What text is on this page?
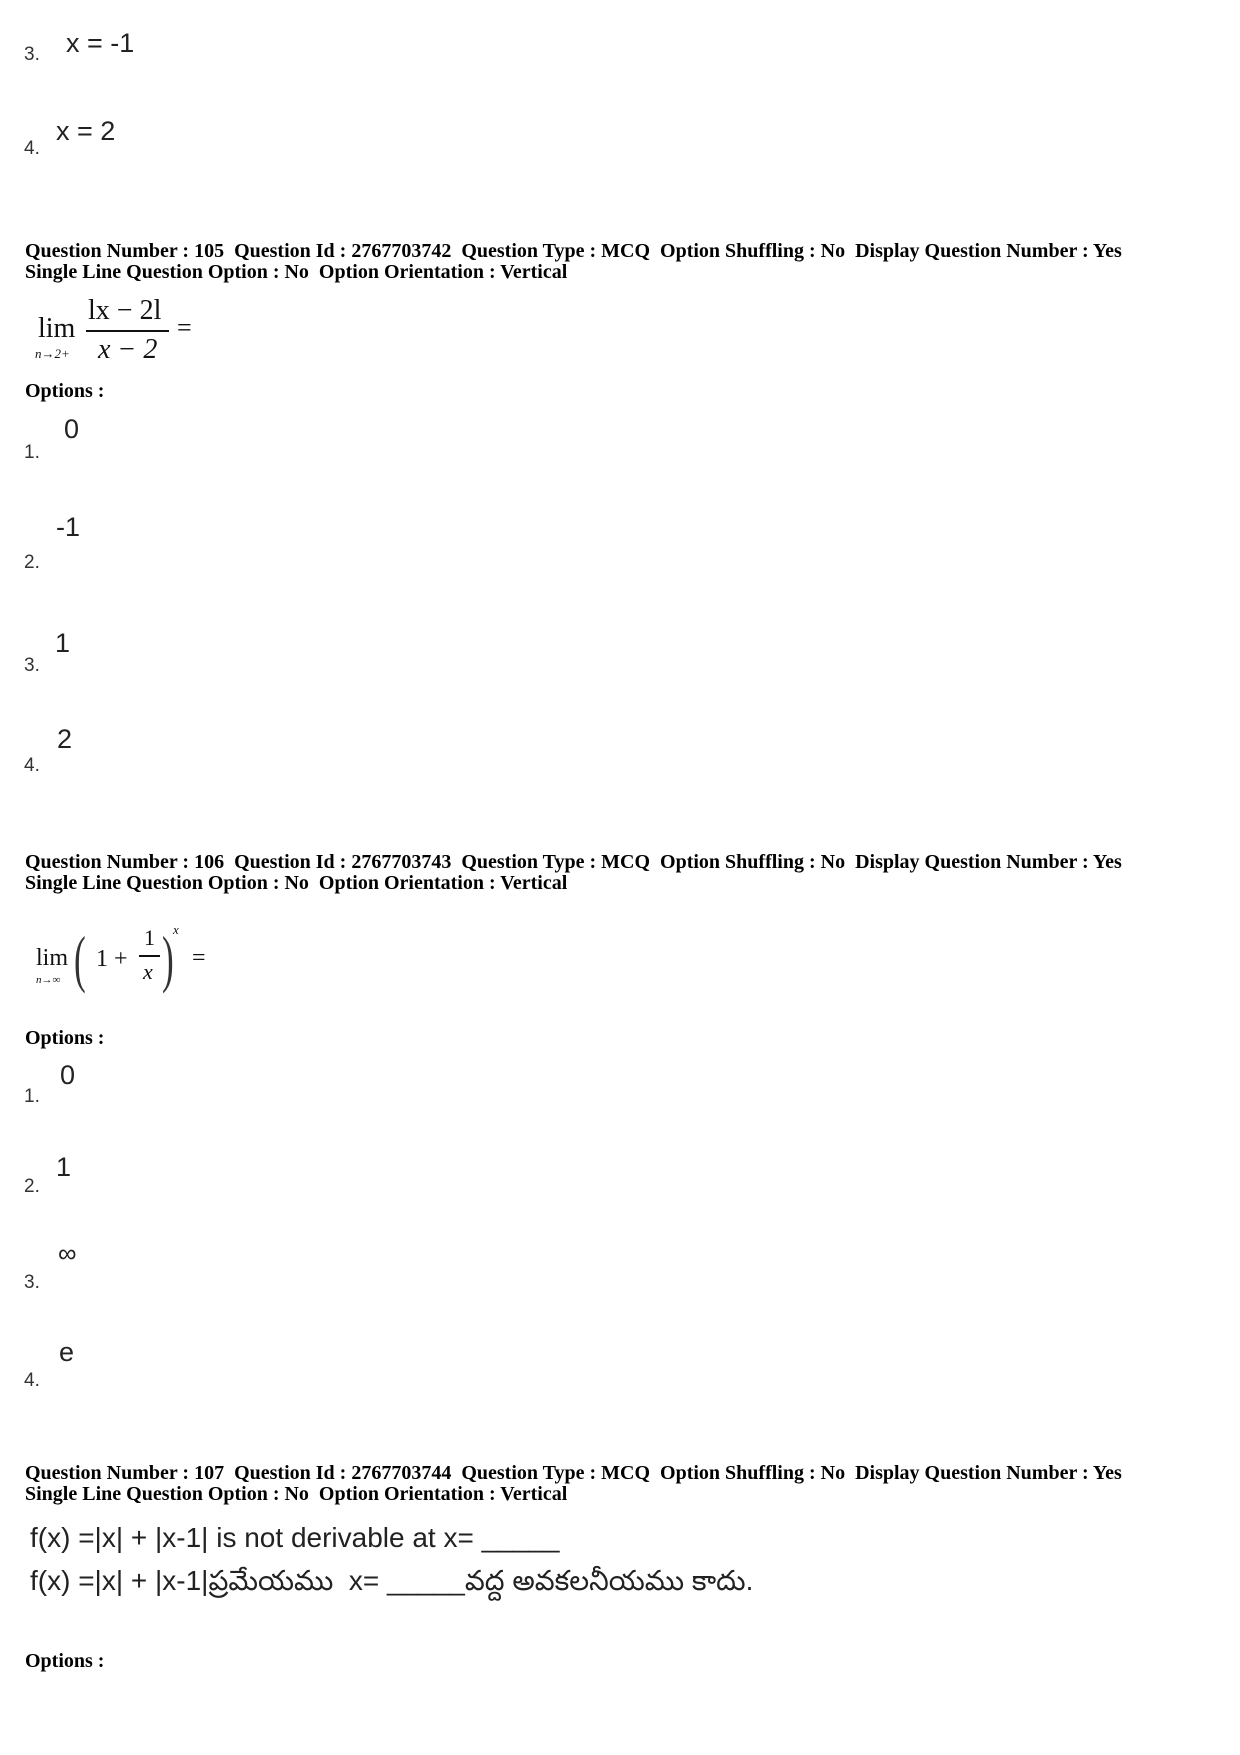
3. x = -1
4.
x = 2
Question Number : 105  Question Id : 2767703742  Question Type : MCQ  Option Shuffling : No  Display Question Number : Yes
Single Line Question Option : No  Option Orientation : Vertical
lim
n→2+
lx − 2l
x − 2
=
Options :
1.
0
2.
-1
3.
1
4.
2
Question Number : 106  Question Id : 2767703743  Question Type : MCQ  Option Shuffling : No  Display Question Number : Yes
Single Line Question Option : No  Option Orientation : Vertical
lim
n→∞ ( 1 +
1
x ) x
=
Options :
1.
0
2.
1
3.
∞
4.
e
Question Number : 107  Question Id : 2767703744  Question Type : MCQ  Option Shuffling : No  Display Question Number : Yes
Single Line Question Option : No  Option Orientation : Vertical
f(x) =|x| + |x-1| is not derivable at x= _____
f(x) =|x| + |x-1|ప్రమేయము  x= _____వద్ద అవకలనీయము కాదు.
Options :
